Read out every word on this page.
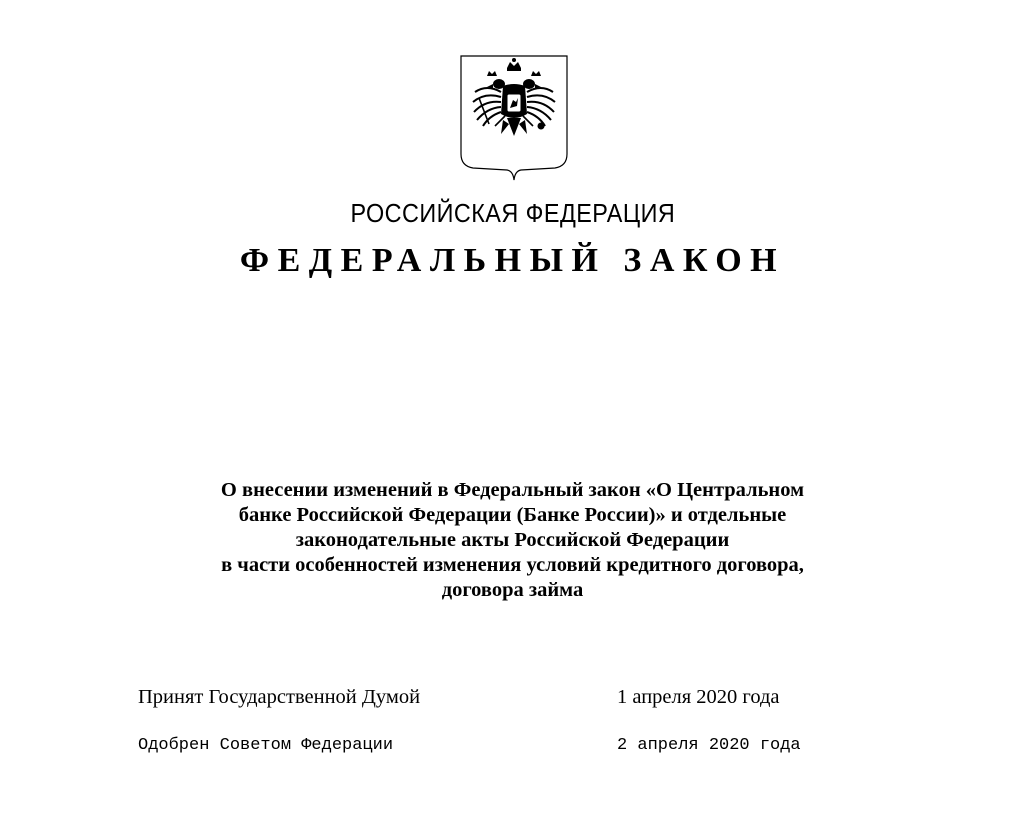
РОССИЙСКАЯ ФЕДЕРАЦИЯ
ФЕДЕРАЛЬНЫЙ ЗАКОН
О внесении изменений в Федеральный закон «О Центральном
банке Российской Федерации (Банке России)» и отдельные
законодательные акты Российской Федерации
в части особенностей изменения условий кредитного договора,
договора займа
Принят Государственной Думой	1 апреля 2020 года
Одобрен Советом Федерации	2 апреля 2020 года
